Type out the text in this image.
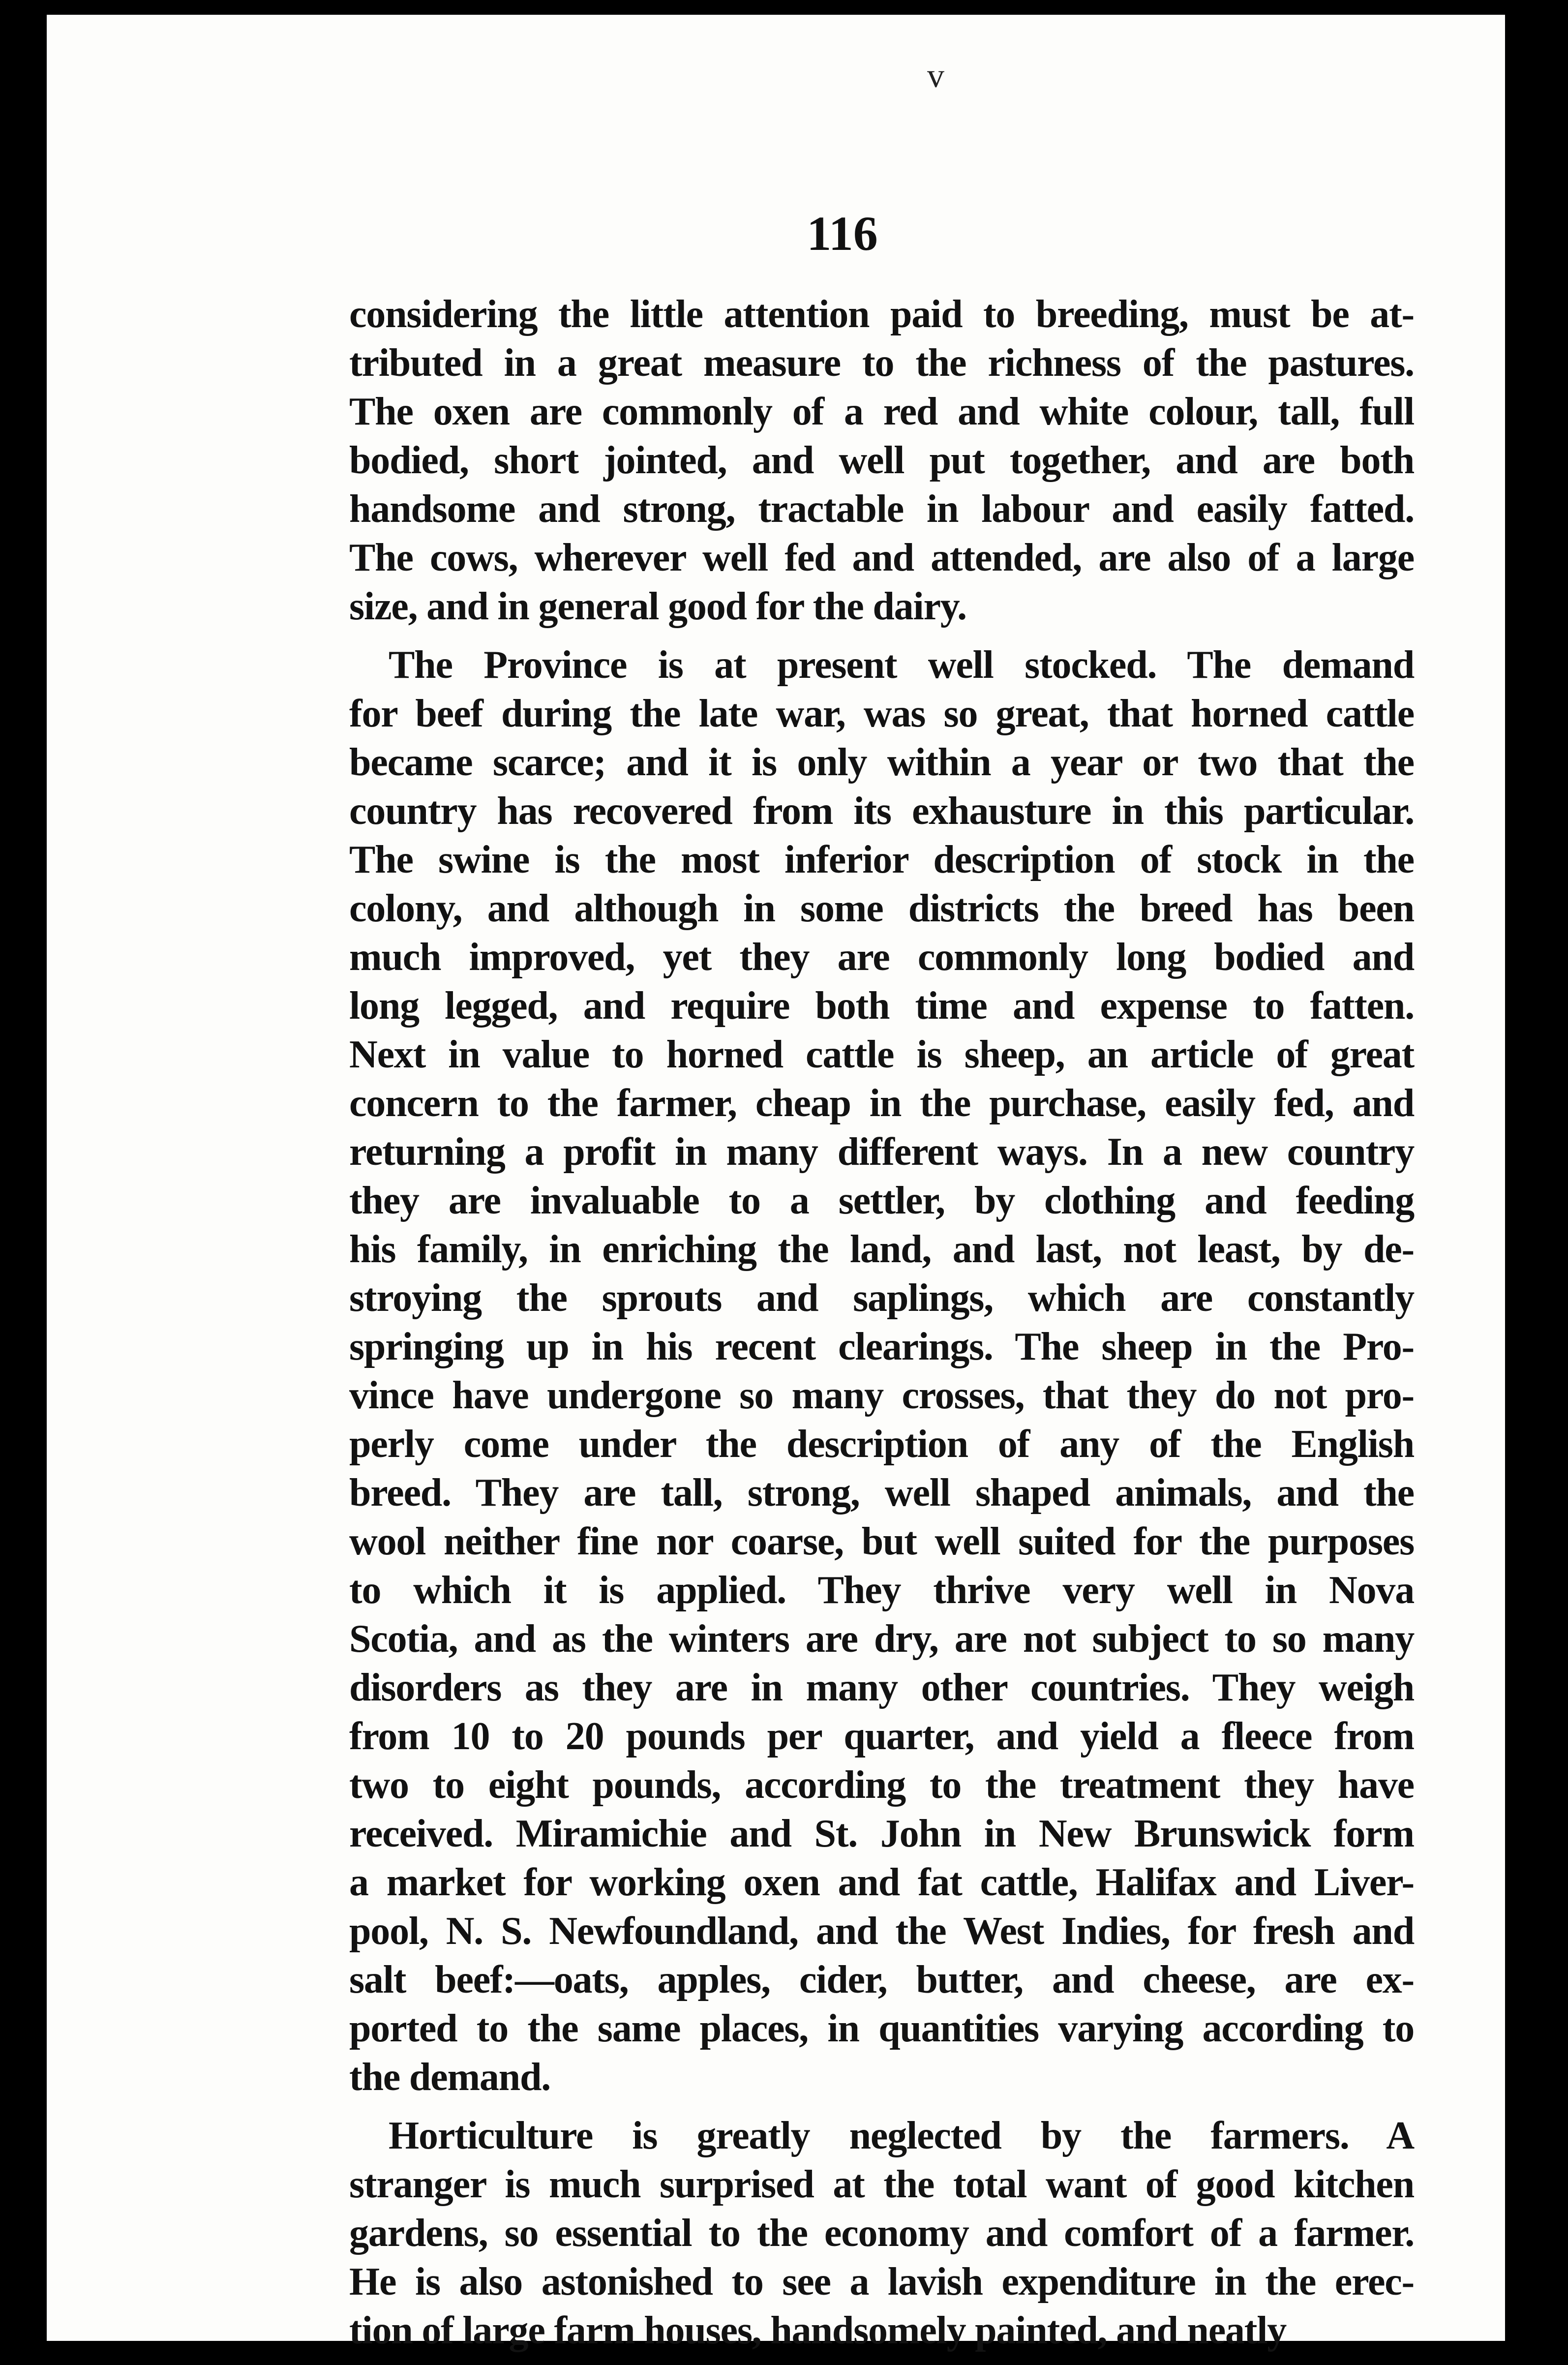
v
116

considering the little attention paid to breeding, must be at-
tributed in a great measure to the richness of the pastures.
The oxen are commonly of a red and white colour, tall, full
bodied, short jointed, and well put together, and are both
handsome and strong, tractable in labour and easily fatted.
The cows, wherever well fed and attended, are also of a large
size, and in general good for the dairy.

The Province is at present well stocked. The demand
for beef during the late war, was so great, that horned cattle
became scarce; and it is only within a year or two that the
country has recovered from its exhausture in this particular.
The swine is the most inferior description of stock in the
colony, and although in some districts the breed has been
much improved, yet they are commonly long bodied and
long legged, and require both time and expense to fatten.
Next in value to horned cattle is sheep, an article of great
concern to the farmer, cheap in the purchase, easily fed, and
returning a profit in many different ways. In a new country
they are invaluable to a settler, by clothing and feeding
his family, in enriching the land, and last, not least, by de-
stroying the sprouts and saplings, which are constantly
springing up in his recent clearings. The sheep in the Pro-
vince have undergone so many crosses, that they do not pro-
perly come under the description of any of the English
breed. They are tall, strong, well shaped animals, and the
wool neither fine nor coarse, but well suited for the purposes
to which it is applied. They thrive very well in Nova
Scotia, and as the winters are dry, are not subject to so many
disorders as they are in many other countries. They weigh
from 10 to 20 pounds per quarter, and yield a fleece from
two to eight pounds, according to the treatment they have
received. Miramichie and St. John in New Brunswick form
a market for working oxen and fat cattle, Halifax and Liver-
pool, N. S. Newfoundland, and the West Indies, for fresh and
salt beef:—oats, apples, cider, butter, and cheese, are ex-
ported to the same places, in quantities varying according to
the demand.

Horticulture is greatly neglected by the farmers. A
stranger is much surprised at the total want of good kitchen
gardens, so essential to the economy and comfort of a farmer.
He is also astonished to see a lavish expenditure in the erec-
tion of large farm houses, handsomely painted, and neatly
